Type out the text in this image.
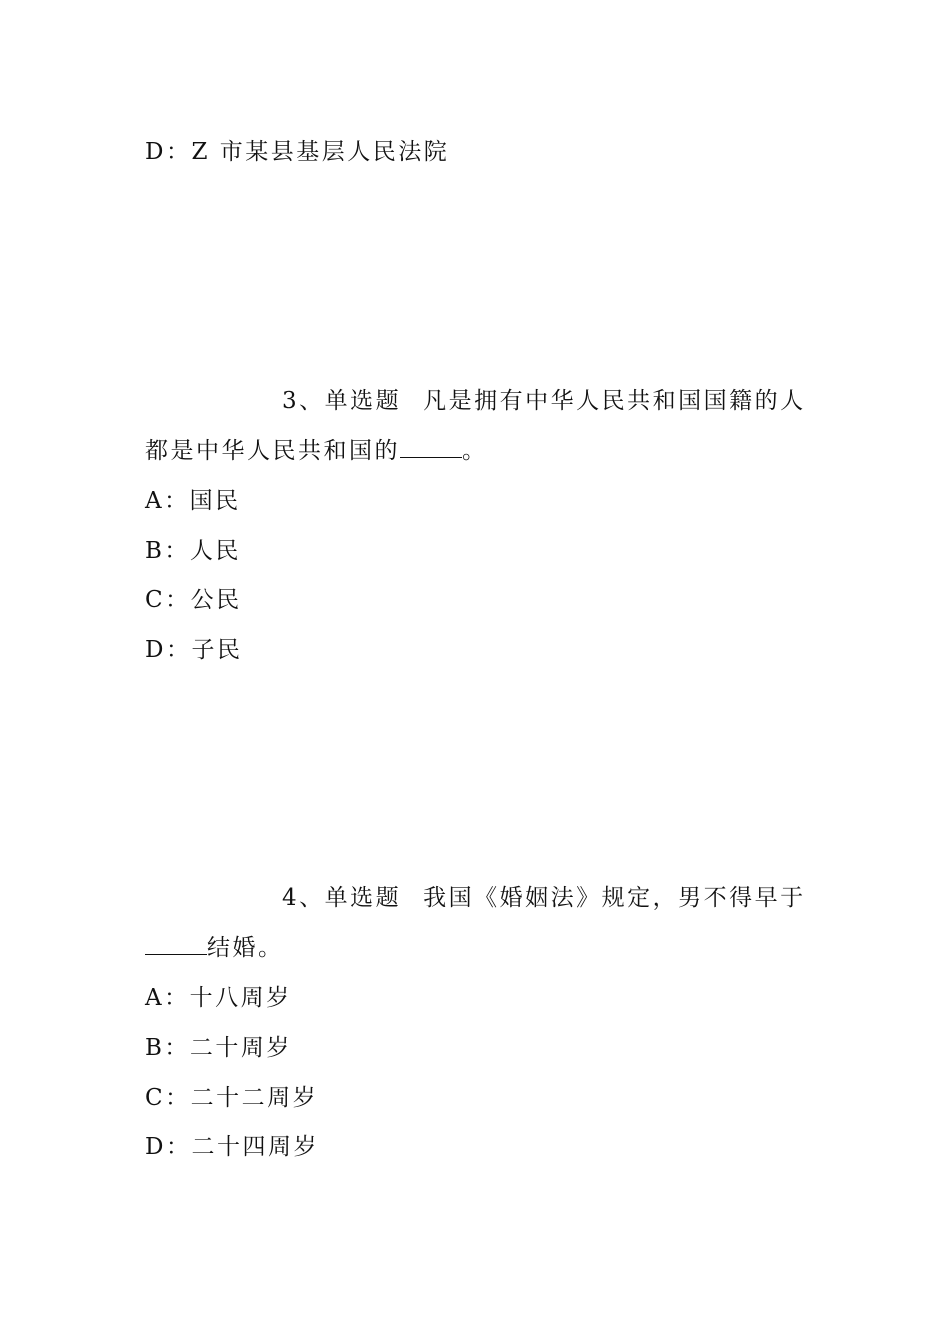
D：Z 市某县基层人民法院
3、单选题 凡是拥有中华人民共和国国籍的人
都是中华人民共和国的	。
A：国民
B：人民
C：公民
D：子民
4、单选题 我国《婚姻法》规定，男不得早于
结婚。
A：十八周岁
B：二十周岁
C：二十二周岁
D：二十四周岁
